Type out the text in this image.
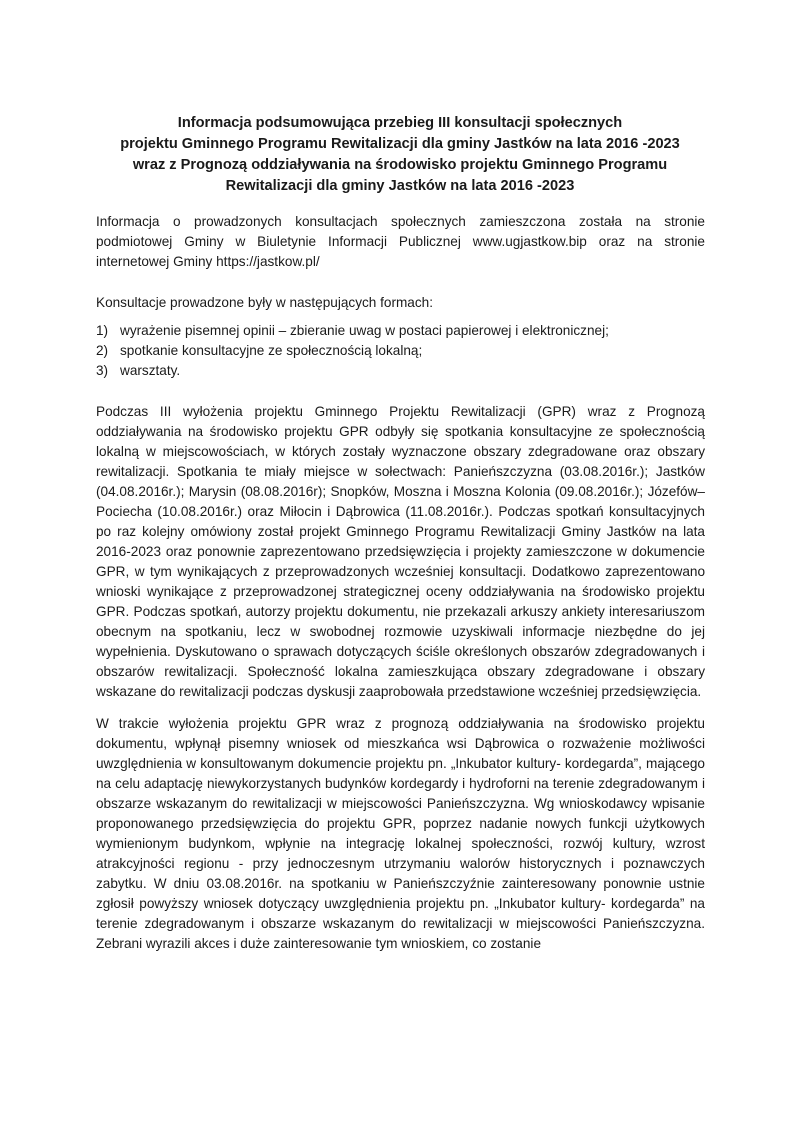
Informacja podsumowująca przebieg III konsultacji społecznych
projektu Gminnego Programu Rewitalizacji dla gminy Jastków na lata 2016 -2023
wraz z Prognozą oddziaływania na środowisko projektu Gminnego Programu
Rewitalizacji dla gminy Jastków na lata 2016 -2023

Informacja o prowadzonych konsultacjach społecznych zamieszczona została na stronie podmiotowej Gminy w Biuletynie Informacji Publicznej www.ugjastkow.bip oraz na stronie internetowej Gminy https://jastkow.pl/

Konsultacje prowadzone były w następujących formach:

1) wyrażenie pisemnej opinii – zbieranie uwag w postaci papierowej i elektronicznej;
2) spotkanie konsultacyjne ze społecznością lokalną;
3) warsztaty.

Podczas III wyłożenia projektu Gminnego Projektu Rewitalizacji (GPR) wraz z Prognozą oddziaływania na środowisko projektu GPR odbyły się spotkania konsultacyjne ze społecznością lokalną w miejscowościach, w których zostały wyznaczone obszary zdegradowane oraz obszary rewitalizacji. Spotkania te miały miejsce w sołectwach: Panieńszczyzna (03.08.2016r.); Jastków (04.08.2016r.); Marysin (08.08.2016r); Snopków, Moszna i Moszna Kolonia (09.08.2016r.); Józefów– Pociecha (10.08.2016r.) oraz Miłocin i Dąbrowica (11.08.2016r.). Podczas spotkań konsultacyjnych po raz kolejny omówiony został projekt Gminnego Programu Rewitalizacji Gminy Jastków na lata 2016-2023 oraz ponownie zaprezentowano przedsięwzięcia i projekty zamieszczone w dokumencie GPR, w tym wynikających z przeprowadzonych wcześniej konsultacji. Dodatkowo zaprezentowano wnioski wynikające z przeprowadzonej strategicznej oceny oddziaływania na środowisko projektu GPR. Podczas spotkań, autorzy projektu dokumentu, nie przekazali arkuszy ankiety interesariuszom obecnym na spotkaniu, lecz w swobodnej rozmowie uzyskiwali informacje niezbędne do jej wypełnienia. Dyskutowano o sprawach dotyczących ściśle określonych obszarów zdegradowanych i obszarów rewitalizacji. Społeczność lokalna zamieszkująca obszary zdegradowane i obszary wskazane do rewitalizacji podczas dyskusji zaaprobowała przedstawione wcześniej przedsięwzięcia.

W trakcie wyłożenia projektu GPR wraz z prognozą oddziaływania na środowisko projektu dokumentu, wpłynął pisemny wniosek od mieszkańca wsi Dąbrowica o rozważenie możliwości uwzględnienia w konsultowanym dokumencie projektu pn. „Inkubator kultury- kordegarda”, mającego na celu adaptację niewykorzystanych budynków kordegardy i hydroforni na terenie zdegradowanym i obszarze wskazanym do rewitalizacji w miejscowości Panieńszczyzna. Wg wnioskodawcy wpisanie proponowanego przedsięwzięcia do projektu GPR, poprzez nadanie nowych funkcji użytkowych wymienionym budynkom, wpłynie na integrację lokalnej społeczności, rozwój kultury, wzrost atrakcyjności regionu - przy jednoczesnym utrzymaniu walorów historycznych i poznawczych zabytku. W dniu 03.08.2016r. na spotkaniu w Panieńszczyźnie zainteresowany ponownie ustnie zgłosił powyższy wniosek dotyczący uwzględnienia projektu pn. „Inkubator kultury- kordegarda” na terenie zdegradowanym i obszarze wskazanym do rewitalizacji w miejscowości Panieńszczyzna. Zebrani wyrazili akces i duże zainteresowanie tym wnioskiem, co zostanie
